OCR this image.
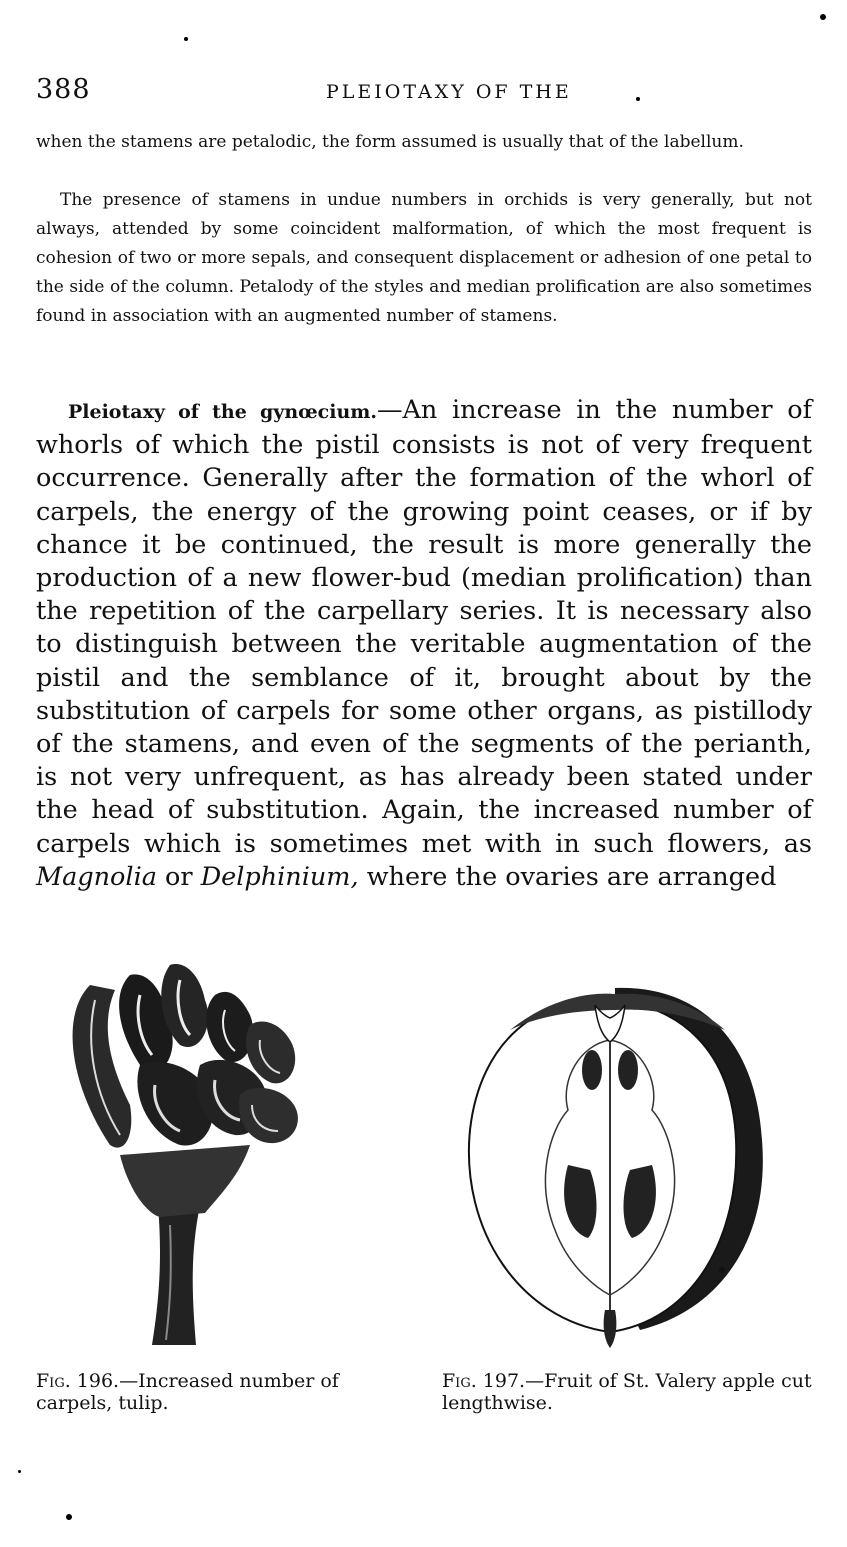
388	PLEIOTAXY OF THE

when the stamens are petalodic, the form assumed is usually that of the labellum.

The presence of stamens in undue numbers in orchids is very generally, but not always, attended by some coincident malformation, of which the most frequent is cohesion of two or more sepals, and consequent displacement or adhesion of one petal to the side of the column. Petalody of the styles and median prolification are also sometimes found in association with an augmented number of stamens.

Pleiotaxy of the gynœcium.—An increase in the number of whorls of which the pistil consists is not of very frequent occurrence. Generally after the formation of the whorl of carpels, the energy of the growing point ceases, or if by chance it be continued, the result is more generally the production of a new flower-bud (median prolification) than the repetition of the carpellary series. It is necessary also to distinguish between the veritable augmentation of the pistil and the semblance of it, brought about by the substitution of carpels for some other organs, as pistillody of the stamens, and even of the segments of the perianth, is not very unfrequent, as has already been stated under the head of substitution. Again, the increased number of carpels which is sometimes met with in such flowers, as Magnolia or Delphinium, where the ovaries are arranged

Fig. 196.—Increased number of carpels, tulip.
Fig. 197.—Fruit of St. Valery apple cut lengthwise.
